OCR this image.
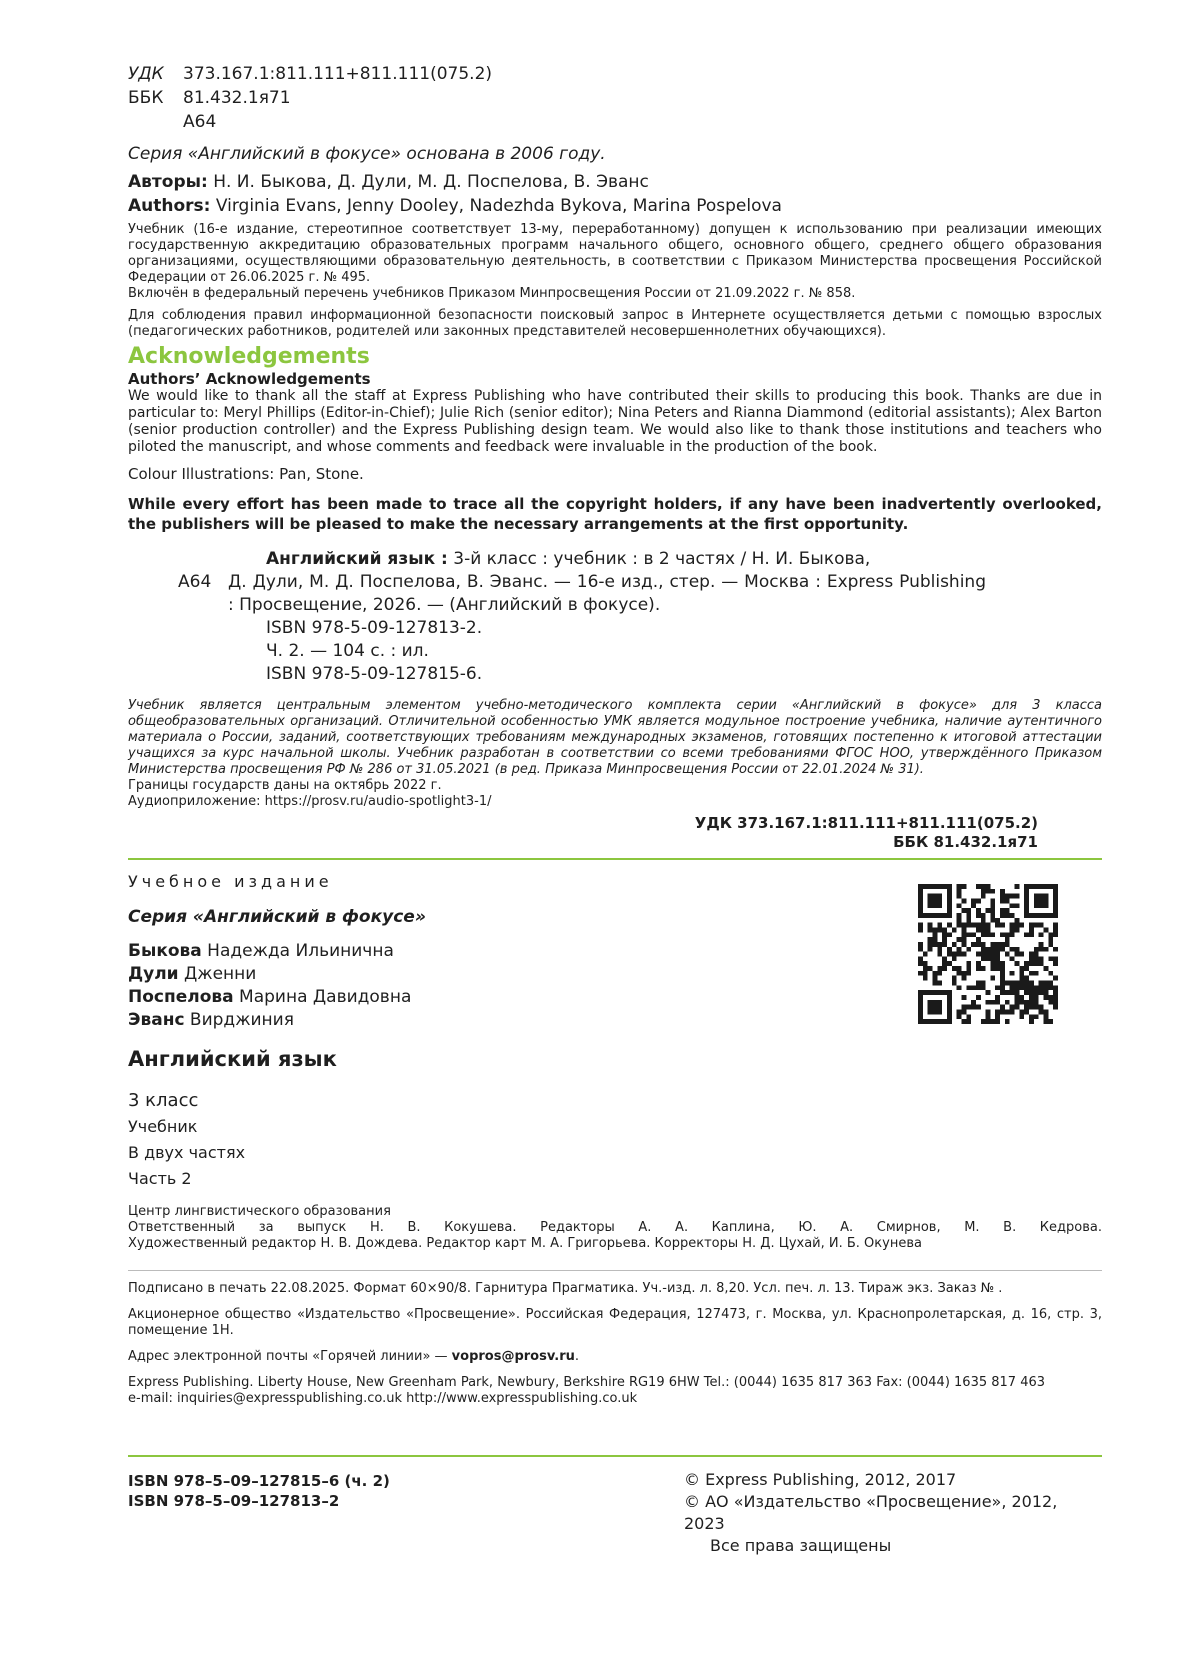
УДК	373.167.1:811.111+811.111(075.2)
ББК	81.432.1я71
А64
Серия «Английский в фокусе» основана в 2006 году.
Авторы: Н. И. Быкова, Д. Дули, М. Д. Поспелова, В. Эванс
Authors: Virginia Evans, Jenny Dooley, Nadezhda Bykova, Marina Pospelova
Учебник (16-е издание, стереотипное соответствует 13-му, переработанному) допущен к использованию при реализации имеющих государственную аккредитацию образовательных программ начального общего, основного общего, среднего общего образования организациями, осуществляющими образовательную деятельность, в соответствии с Приказом Министерства просвещения Российской Федерации от 26.06.2025 г. № 495.
Включён в федеральный перечень учебников Приказом Минпросвещения России от 21.09.2022 г. № 858.
Для соблюдения правил информационной безопасности поисковый запрос в Интернете осуществляется детьми с помощью взрослых (педагогических работников, родителей или законных представителей несовершеннолетних обучающихся).
Acknowledgements
Authors’ Acknowledgements
We would like to thank all the staff at Express Publishing who have contributed their skills to producing this book. Thanks are due in particular to: Meryl Phillips (Editor-in-Chief); Julie Rich (senior editor); Nina Peters and Rianna Diammond (editorial assistants); Alex Barton (senior production controller) and the Express Publishing design team. We would also like to thank those institutions and teachers who piloted the manuscript, and whose comments and feedback were invaluable in the production of the book.
Colour Illustrations: Pan, Stone.
While every effort has been made to trace all the copyright holders, if any have been inadvertently overlooked, the publishers will be pleased to make the necessary arrangements at the first opportunity.
А64
Английский язык : 3-й класс : учебник : в 2 частях / Н. И. Быкова,
Д. Дули, М. Д. Поспелова, В. Эванс. — 16-е изд., стер. — Москва : Express Publishing : Просвещение, 2026. — (Английский в фокусе).
ISBN 978-5-09-127813-2.
Ч. 2. — 104 с. : ил.
ISBN 978-5-09-127815-6.
Учебник является центральным элементом учебно-методического комплекта серии «Английский в фокусе» для 3 класса общеобразовательных организаций. Отличительной особенностью УМК является модульное построение учебника, наличие аутентичного материала о России, заданий, соответствующих требованиям международных экзаменов, готовящих постепенно к итоговой аттестации учащихся за курс начальной школы. Учебник разработан в соответствии со всеми требованиями ФГОС НОО, утверждённого Приказом Министерства просвещения РФ № 286 от 31.05.2021 (в ред. Приказа Минпросвещения России от 22.01.2024 № 31).
Границы государств даны на октябрь 2022 г.
Аудиоприложение: https://prosv.ru/audio-spotlight3-1/
УДК 373.167.1:811.111+811.111(075.2)
ББК 81.432.1я71
Учебное издание
Серия «Английский в фокусе»
Быкова Надежда Ильинична
Дули Дженни
Поспелова Марина Давидовна
Эванс Вирджиния
Английский язык
3 класс
Учебник
В двух частях
Часть 2
Центр лингвистического образования
Ответственный за выпуск Н. В. Кокушева. Редакторы А. А. Каплина, Ю. А. Смирнов, М. В. Кедрова.
Художественный редактор Н. В. Дождева. Редактор карт М. А. Григорьева. Корректоры Н. Д. Цухай, И. Б. Окунева
Подписано в печать 22.08.2025. Формат 60×90/8. Гарнитура Прагматика. Уч.-изд. л. 8,20. Усл. печ. л. 13. Тираж экз. Заказ № .
Акционерное общество «Издательство «Просвещение». Российская Федерация, 127473, г. Москва, ул. Краснопролетарская, д. 16, стр. 3, помещение 1Н.
Адрес электронной почты «Горячей линии» — vopros@prosv.ru.
Express Publishing. Liberty House, New Greenham Park, Newbury, Berkshire RG19 6HW Tel.: (0044) 1635 817 363 Fax: (0044) 1635 817 463
e-mail: inquiries@expresspublishing.co.uk http://www.expresspublishing.co.uk
ISBN 978–5–09–127815–6 (ч. 2)
ISBN 978–5–09–127813–2
© Express Publishing, 2012, 2017
© АО «Издательство «Просвещение», 2012, 2023
Все права защищены
